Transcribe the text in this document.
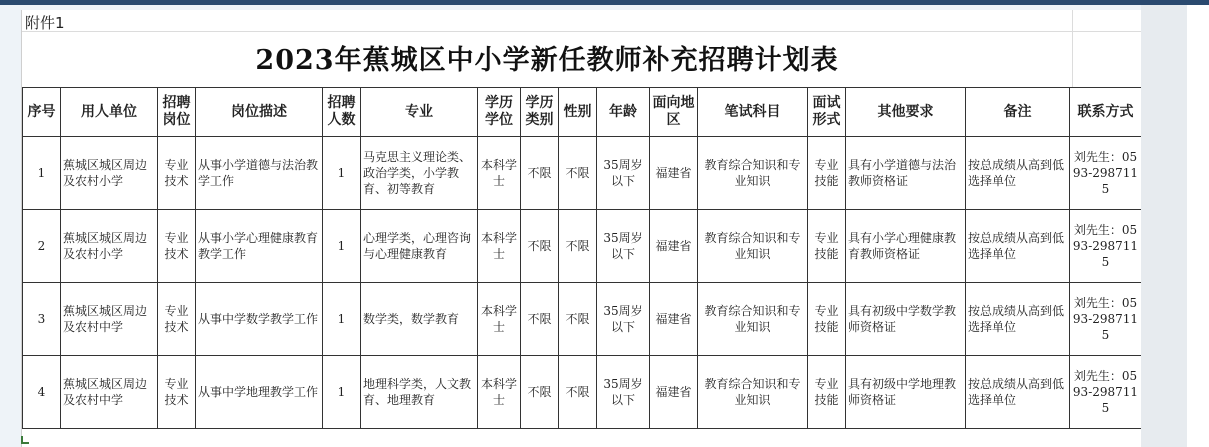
附件1
2023年蕉城区中小学新任教师补充招聘计划表
序号	用人单位	招聘岗位	岗位描述	招聘人数	专业	学历学位	学历类别	性别	年龄	面向地区	笔试科目	面试形式	其他要求	备注	联系方式
1	蕉城区城区周边及农村小学	专业技术	从事小学道德与法治教学工作	1	马克思主义理论类、政治学类，小学教育、初等教育	本科学士	不限	不限	35周岁以下	福建省	教育综合知识和专业知识	专业技能	具有小学道德与法治教师资格证	按总成绩从高到低选择单位	刘先生：0593-2987115
2	蕉城区城区周边及农村小学	专业技术	从事小学心理健康教育教学工作	1	心理学类，心理咨询与心理健康教育	本科学士	不限	不限	35周岁以下	福建省	教育综合知识和专业知识	专业技能	具有小学心理健康教育教师资格证	按总成绩从高到低选择单位	刘先生：0593-2987115
3	蕉城区城区周边及农村中学	专业技术	从事中学数学教学工作	1	数学类，数学教育	本科学士	不限	不限	35周岁以下	福建省	教育综合知识和专业知识	专业技能	具有初级中学数学教师资格证	按总成绩从高到低选择单位	刘先生：0593-2987115
4	蕉城区城区周边及农村中学	专业技术	从事中学地理教学工作	1	地理科学类，人文教育、地理教育	本科学士	不限	不限	35周岁以下	福建省	教育综合知识和专业知识	专业技能	具有初级中学地理教师资格证	按总成绩从高到低选择单位	刘先生：0593-2987115
